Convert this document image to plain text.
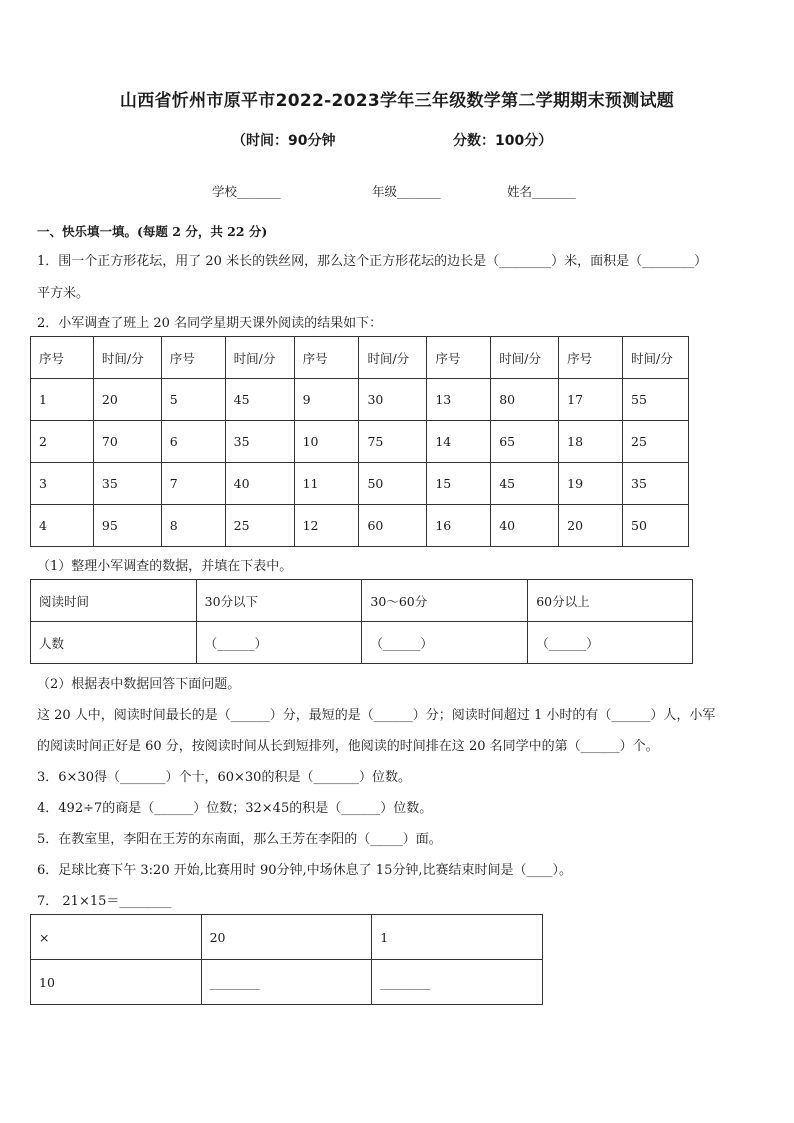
山西省忻州市原平市2022-2023学年三年级数学第二学期期末预测试题
（时间：90分钟	分数：100分）
学校_______	年级_______	姓名_______
一、快乐填一填。(每题 2 分，共 22 分)
1．围一个正方形花坛，用了 20 米长的铁丝网，那么这个正方形花坛的边长是（________）米，面积是（________）
平方米。
2．小军调查了班上 20 名同学星期天课外阅读的结果如下：
序号	时间/分	序号	时间/分	序号	时间/分	序号	时间/分	序号	时间/分
1	20	5	45	9	30	13	80	17	55
2	70	6	35	10	75	14	65	18	25
3	35	7	40	11	50	15	45	19	35
4	95	8	25	12	60	16	40	20	50
（1）整理小军调查的数据，并填在下表中。
阅读时间	30分以下	30～60分	60分以上
人数	（______）	（______）	（______）
（2）根据表中数据回答下面问题。
这 20 人中，阅读时间最长的是（______）分，最短的是（______）分；阅读时间超过 1 小时的有（______）人，小军
的阅读时间正好是 60 分，按阅读时间从长到短排列，他阅读的时间排在这 20 名同学中的第（______）个。
3．6×30得（_______）个十，60×30的积是（_______）位数。
4．492÷7的商是（______）位数；32×45的积是（______）位数。
5．在教室里，李阳在王芳的东南面，那么王芳在李阳的（_____）面。
6．足球比赛下午 3:20 开始,比赛用时 90分钟,中场休息了 15分钟,比赛结束时间是（____）。
7． 21×15＝________
×	20	1
10	________	________
